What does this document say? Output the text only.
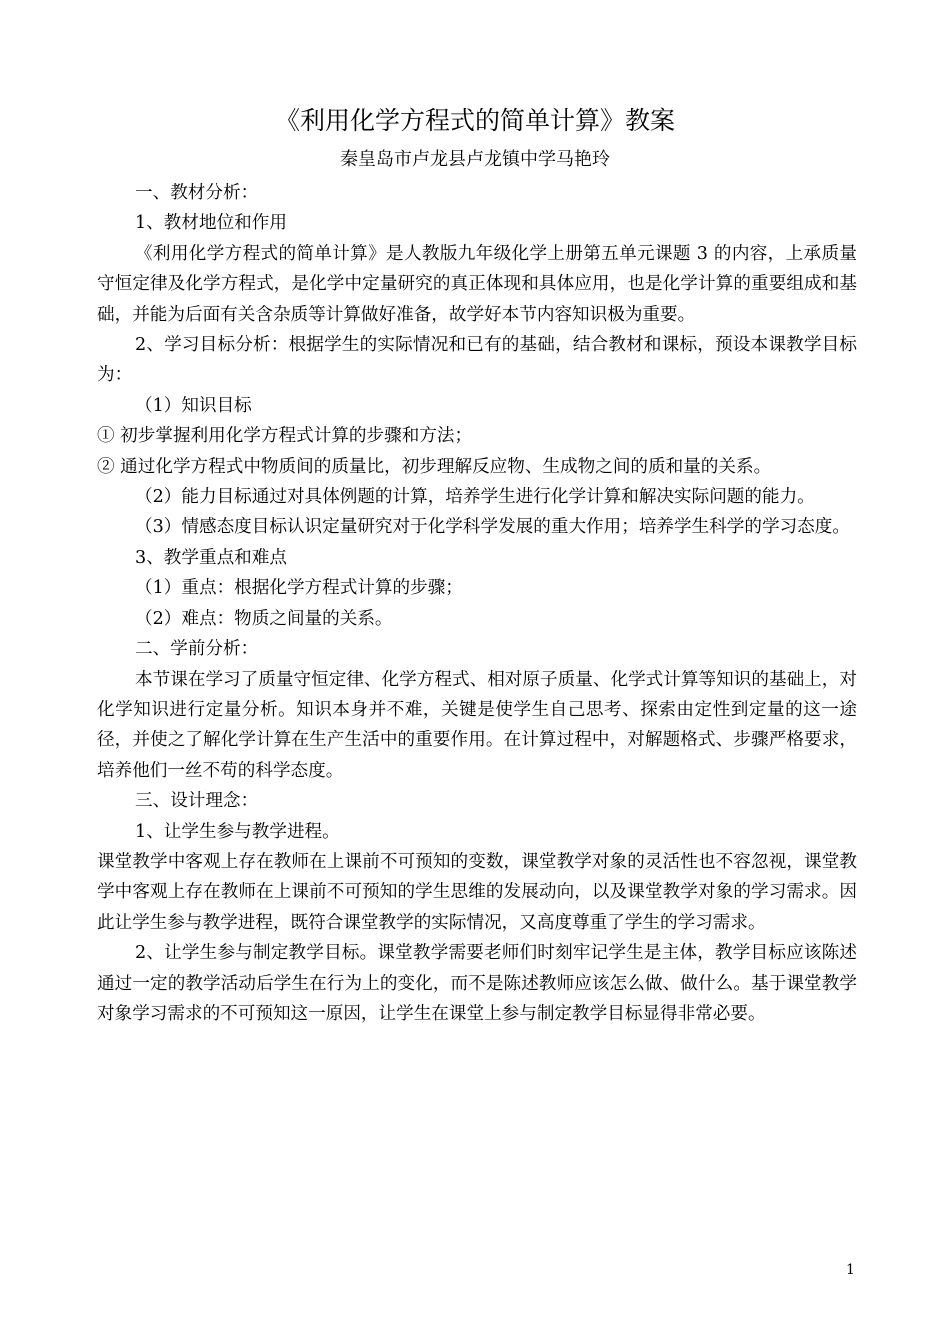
《利用化学方程式的简单计算》教案
秦皇岛市卢龙县卢龙镇中学马艳玲

一、教材分析：

1、教材地位和作用

《利用化学方程式的简单计算》是人教版九年级化学上册第五单元课题 3 的内容，上承质量守恒定律及化学方程式，是化学中定量研究的真正体现和具体应用，也是化学计算的重要组成和基础，并能为后面有关含杂质等计算做好准备，故学好本节内容知识极为重要。

2、学习目标分析：根据学生的实际情况和已有的基础，结合教材和课标，预设本课教学目标为：

（1）知识目标

① 初步掌握利用化学方程式计算的步骤和方法；

② 通过化学方程式中物质间的质量比，初步理解反应物、生成物之间的质和量的关系。

（2）能力目标通过对具体例题的计算，培养学生进行化学计算和解决实际问题的能力。

（3）情感态度目标认识定量研究对于化学科学发展的重大作用；培养学生科学的学习态度。

3、教学重点和难点

（1）重点：根据化学方程式计算的步骤；

（2）难点：物质之间量的关系。

二、学前分析：

本节课在学习了质量守恒定律、化学方程式、相对原子质量、化学式计算等知识的基础上，对化学知识进行定量分析。知识本身并不难，关键是使学生自己思考、探索由定性到定量的这一途径，并使之了解化学计算在生产生活中的重要作用。在计算过程中，对解题格式、步骤严格要求，培养他们一丝不苟的科学态度。

三、设计理念：

1、让学生参与教学进程。

课堂教学中客观上存在教师在上课前不可预知的变数，课堂教学对象的灵活性也不容忽视，课堂教学中客观上存在教师在上课前不可预知的学生思维的发展动向，以及课堂教学对象的学习需求。因此让学生参与教学进程，既符合课堂教学的实际情况，又高度尊重了学生的学习需求。

2、让学生参与制定教学目标。课堂教学需要老师们时刻牢记学生是主体，教学目标应该陈述通过一定的教学活动后学生在行为上的变化，而不是陈述教师应该怎么做、做什么。基于课堂教学对象学习需求的不可预知这一原因，让学生在课堂上参与制定教学目标显得非常必要。

1
